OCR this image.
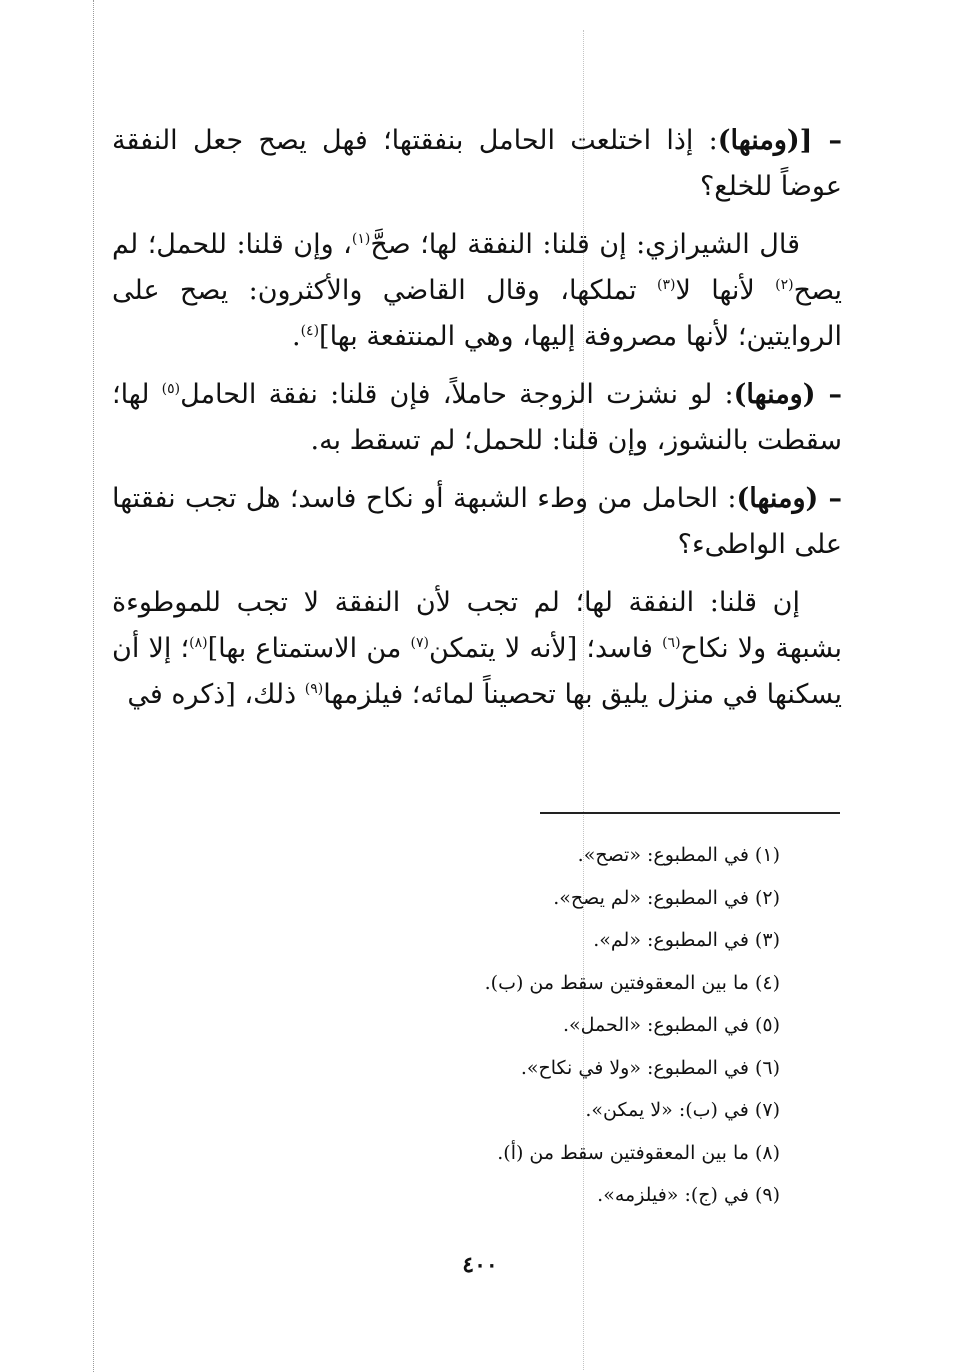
– [(ومنها): إذا اختلعت الحامل بنفقتها؛ فهل يصح جعل النفقة عوضاً للخلع؟

قال الشيرازي: إن قلنا: النفقة لها؛ صحَّ$^{(١)}$، وإن قلنا: للحمل؛ لم يصح$^{(٢)}$ لأنها لا$^{(٣)}$ تملكها، وقال القاضي والأكثرون: يصح على الروايتين؛ لأنها مصروفة إليها، وهي المنتفعة بها]$^{(٤)}$.

– (ومنها): لو نشزت الزوجة حاملاً، فإن قلنا: نفقة الحامل$^{(٥)}$ لها؛ سقطت بالنشوز، وإن قلنا: للحمل؛ لم تسقط به.

– (ومنها): الحامل من وطء الشبهة أو نكاح فاسد؛ هل تجب نفقتها على الواطىء؟

إن قلنا: النفقة لها؛ لم تجب لأن النفقة لا تجب للموطوءة بشبهة ولا نكاح$^{(٦)}$ فاسد؛ [لأنه لا يتمكن$^{(٧)}$ من الاستمتاع بها]$^{(٨)}$؛ إلا أن يسكنها في منزل يليق بها تحصيناً لمائه؛ فيلزمها$^{(٩)}$ ذلك، [ذكره في

(١) في المطبوع: «تصح».
(٢) في المطبوع: «لم يصح».
(٣) في المطبوع: «لم».
(٤) ما بين المعقوفتين سقط من (ب).
(٥) في المطبوع: «الحمل».
(٦) في المطبوع: «ولا في نكاح».
(٧) في (ب): «لا يمكن».
(٨) ما بين المعقوفتين سقط من (أ).
(٩) في (ج): «فيلزمه».
٤٠٠
